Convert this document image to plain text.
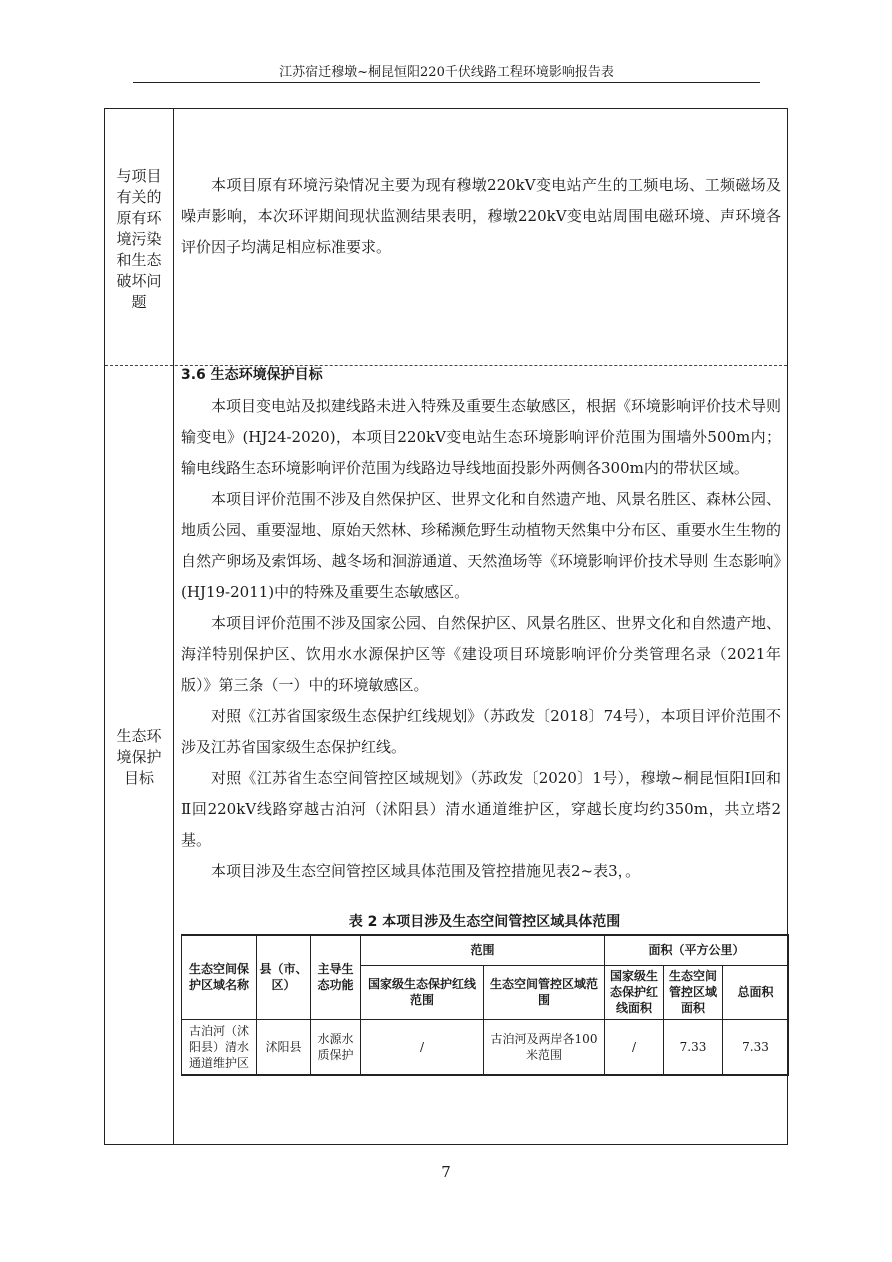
江苏宿迁穆墩~桐昆恒阳220千伏线路工程环境影响报告表
与项目有关的原有环境污染和生态破坏问题

本项目原有环境污染情况主要为现有穆墩220kV变电站产生的工频电场、工频磁场及噪声影响，本次环评期间现状监测结果表明，穆墩220kV变电站周围电磁环境、声环境各评价因子均满足相应标准要求。

生态环境保护目标

3.6 生态环境保护目标

本项目变电站及拟建线路未进入特殊及重要生态敏感区，根据《环境影响评价技术导则 输变电》(HJ24-2020)，本项目220kV变电站生态环境影响评价范围为围墙外500m内；输电线路生态环境影响评价范围为线路边导线地面投影外两侧各300m内的带状区域。

本项目评价范围不涉及自然保护区、世界文化和自然遗产地、风景名胜区、森林公园、地质公园、重要湿地、原始天然林、珍稀濒危野生动植物天然集中分布区、重要水生生物的自然产卵场及索饵场、越冬场和洄游通道、天然渔场等《环境影响评价技术导则 生态影响》(HJ19-2011)中的特殊及重要生态敏感区。

本项目评价范围不涉及国家公园、自然保护区、风景名胜区、世界文化和自然遗产地、海洋特别保护区、饮用水水源保护区等《建设项目环境影响评价分类管理名录（2021年版）》第三条（一）中的环境敏感区。

对照《江苏省国家级生态保护红线规划》（苏政发〔2018〕74号），本项目评价范围不涉及江苏省国家级生态保护红线。

对照《江苏省生态空间管控区域规划》（苏政发〔2020〕1号），穆墩~桐昆恒阳Ⅰ回和Ⅱ回220kV线路穿越古泊河（沭阳县）清水通道维护区，穿越长度均约350m，共立塔2基。

本项目涉及生态空间管控区域具体范围及管控措施见表2~表3，。

表 2 本项目涉及生态空间管控区域具体范围
生态空间保护区域名称	县（市、区）	主导生态功能	范围		面积（平方公里）		
			国家级生态保护红线范围	生态空间管控区域范围	国家级生态保护红线面积	生态空间管控区域面积	总面积
古泊河（沭阳县）清水通道维护区	沭阳县	水源水质保护	/	古泊河及两岸各100米范围	/	7.33	7.33
7
